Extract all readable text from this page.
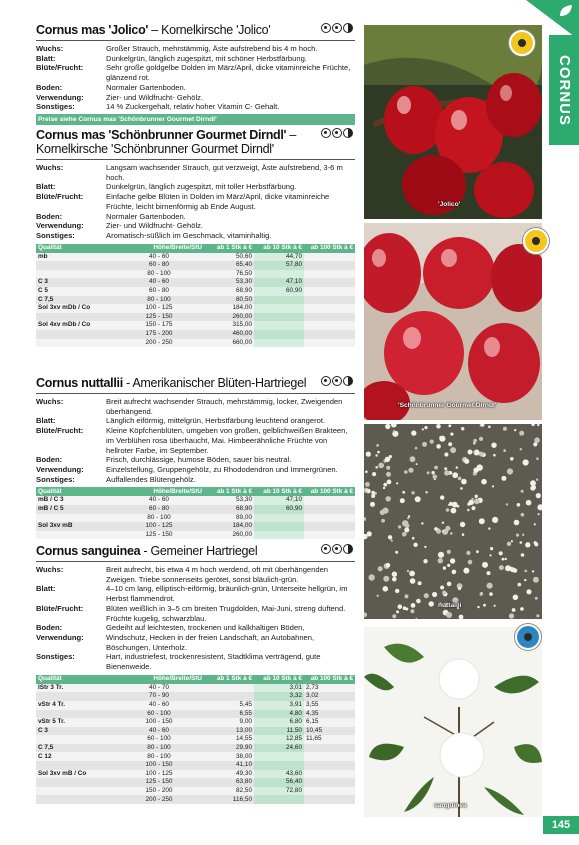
Cornus mas 'Jolico' – Kornelkirsche 'Jolico'
Wuchs:	Großer Strauch, mehrstämmig, Äste aufstrebend bis 4 m hoch.
Blatt:	Dunkelgrün, länglich zugespitzt, mit schöner Herbstfärbung.
Blüte/Frucht:	Sehr große goldgelbe Dolden im März/April, dicke vitaminreiche Früchte, glänzend rot.
Boden:	Normaler Gartenboden.
Verwendung:	Zier- und Wildfrucht- Gehölz.
Sonstiges:	14 % Zuckergehalt, relativ hoher Vitamin C- Gehalt.
Preise siehe Cornus mas 'Schönbrunner Gourmet Dirndl'
Cornus mas 'Schönbrunner Gourmet Dirndl' – Kornelkirsche 'Schönbrunner Gourmet Dirndl'
Wuchs:	Langsam wachsender Strauch, gut verzweigt, Äste aufstrebend, 3-6 m hoch.
Blatt:	Dunkelgrün, länglich zugespitzt, mit toller Herbstfärbung.
Blüte/Frucht:	Einfache gelbe Blüten in Dolden im März/April, dicke vitaminreiche Früchte, leicht birnenförmig ab Ende August.
Boden:	Normaler Gartenboden.
Verwendung:	Zier- und Wildfrucht- Gehölz.
Sonstiges:	Aromatisch-süßlich im Geschmack, vitaminhaltig.
Qualität	Höhe/Breite/StU	ab 1 Stk à €	ab 10 Stk à €	ab 100 Stk à €
mb	40 - 60	50,60	44,70	
	60 - 80	65,40	57,80	
	80 - 100	76,50		
C 3	40 - 60	53,30	47,10	
C 5	60 - 80	68,90	60,90	
C 7,5	80 - 100	80,50		
Sol 3xv mDb / Co	100 - 125	184,00		
	125 - 150	260,00		
Sol 4xv mDb / Co	150 - 175	315,00		
	175 - 200	460,00		
	200 - 250	660,00		
Cornus nuttallii - Amerikanischer Blüten-Hartriegel
Wuchs:	Breit aufrecht wachsender Strauch, mehrstämmig, locker, Zweigenden überhängend.
Blatt:	Länglich eiförmig, mittelgrün, Herbstfärbung leuchtend orangerot.
Blüte/Frucht:	Kleine Köpfchenblüten, umgeben von großen, gelblichweißen Brakteen, im Verblühen rosa überhaucht, Mai. Himbeerähnliche Früchte von hellroter Farbe, im September.
Boden:	Frisch, durchlässige, humose Böden, sauer bis neutral.
Verwendung:	Einzelstellung, Gruppengehölz, zu Rhododendron und Immergrünen.
Sonstiges:	Auffallendes Blütengehölz.
Qualität	Höhe/Breite/StU	ab 1 Stk à €	ab 10 Stk à €	ab 100 Stk à €
mB / C 3	40 - 60	53,30	47,10	
mB / C 5	60 - 80	68,90	60,90	
	80 - 100	89,00		
Sol 3xv mB	100 - 125	184,00		
	125 - 150	260,00		
Cornus sanguinea - Gemeiner Hartriegel
Wuchs:	Breit aufrecht, bis etwa 4 m hoch werdend, oft mit überhängenden Zweigen. Triebe sonnenseits gerötet, sonst bläulich-grün.
Blatt:	4–10 cm lang, elliptisch-eiförmig, bräunlich-grün, Unterseite hellgrün, im Herbst flammendrot.
Blüte/Frucht:	Blüten weißlich in 3–5 cm breiten Trugdolden, Mai-Juni, streng duftend. Früchte kugelig, schwarzblau.
Boden:	Gedeiht auf leichtesten, trockenen und kalkhaltigen Böden,
Verwendung:	Windschutz, Hecken in der freien Landschaft, an Autobahnen, Böschungen, Unterholz.
Sonstiges:	Hart, industriefest, trockenresistent, Stadtklima verträgend, gute Bienenweide.
Qualität	Höhe/Breite/StU	ab 1 Stk à €	ab 10 Stk à €	ab 100 Stk à €
lStr 3 Tr.	40 - 70		3,01	2,73
	70 - 90		3,32	3,02
vStr 4 Tr.	40 - 60	5,45	3,91	3,55
	60 - 100	6,55	4,80	4,35
vStr 5 Tr.	100 - 150	9,00	6,80	6,15
C 3	40 - 60	13,00	11,50	10,45
	60 - 100	14,55	12,85	11,65
C 7,5	80 - 100	29,90	24,60	
C 12	80 - 100	38,00		
	100 - 150	41,10		
Sol 3xv mB / Co	100 - 125	49,30	43,60	
	125 - 150	63,80	56,40	
	150 - 200	82,50	72,80	
	200 - 250	116,50		
'Jolico'
'Schönbrunner Gourmet Dirndl'
nuttallii
sanguinea
CORNUS
145
